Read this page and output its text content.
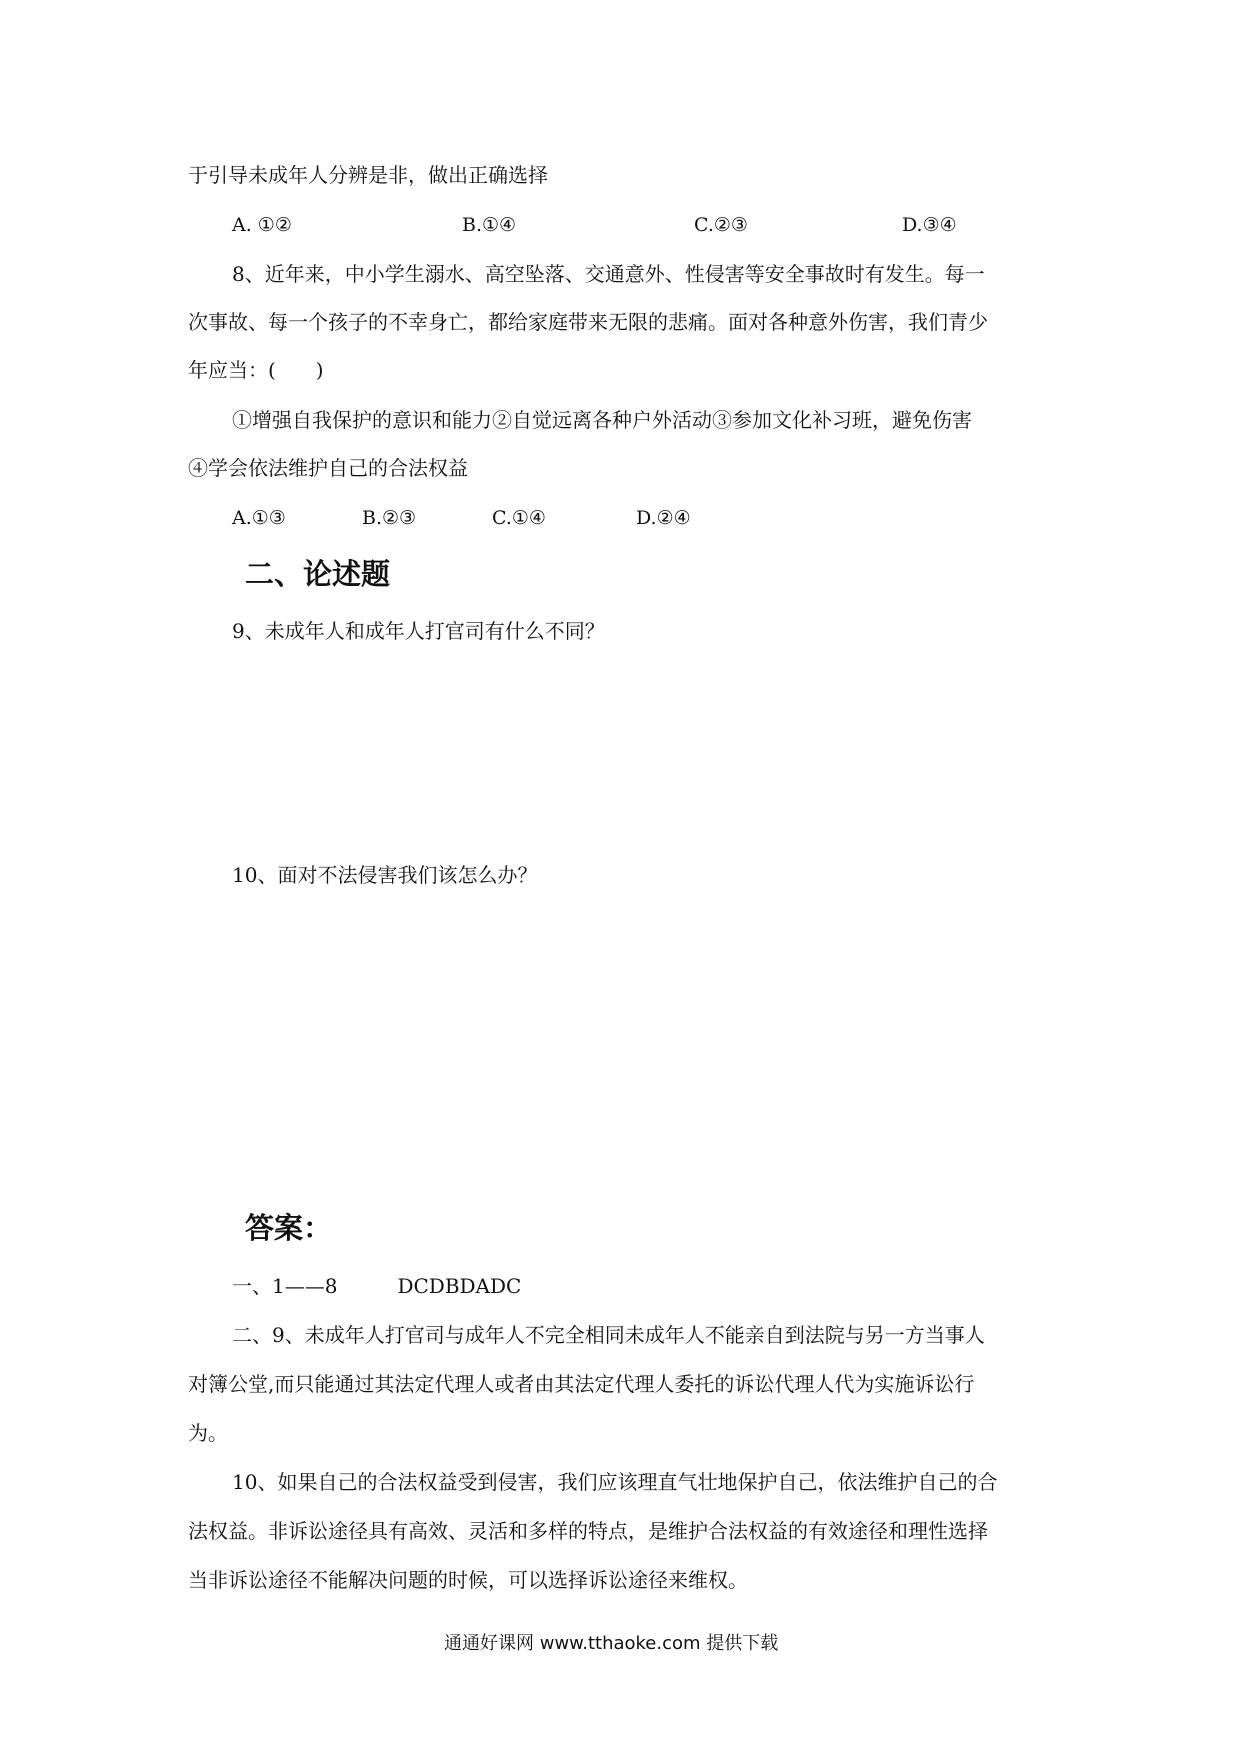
于引导未成年人分辨是非，做出正确选择
A. ①②	B.①④	C.②③	D.③④
8、近年来，中小学生溺水、高空坠落、交通意外、性侵害等安全事故时有发生。每一
次事故、每一个孩子的不幸身亡，都给家庭带来无限的悲痛。面对各种意外伤害，我们青少
年应当：(　　)
①增强自我保护的意识和能力②自觉远离各种户外活动③参加文化补习班，避免伤害
④学会依法维护自己的合法权益
A.①③	B.②③	C.①④	D.②④
二、论述题
9、未成年人和成年人打官司有什么不同？
10、面对不法侵害我们该怎么办？
答案：
一、1——8　　　DCDBDADC
二、9、未成年人打官司与成年人不完全相同未成年人不能亲自到法院与另一方当事人
对簿公堂,而只能通过其法定代理人或者由其法定代理人委托的诉讼代理人代为实施诉讼行
为。
10、如果自己的合法权益受到侵害，我们应该理直气壮地保护自己，依法维护自己的合
法权益。非诉讼途径具有高效、灵活和多样的特点，是维护合法权益的有效途径和理性选择
当非诉讼途径不能解决问题的时候，可以选择诉讼途径来维权。
通通好课网 www.tthaoke.com 提供下载
